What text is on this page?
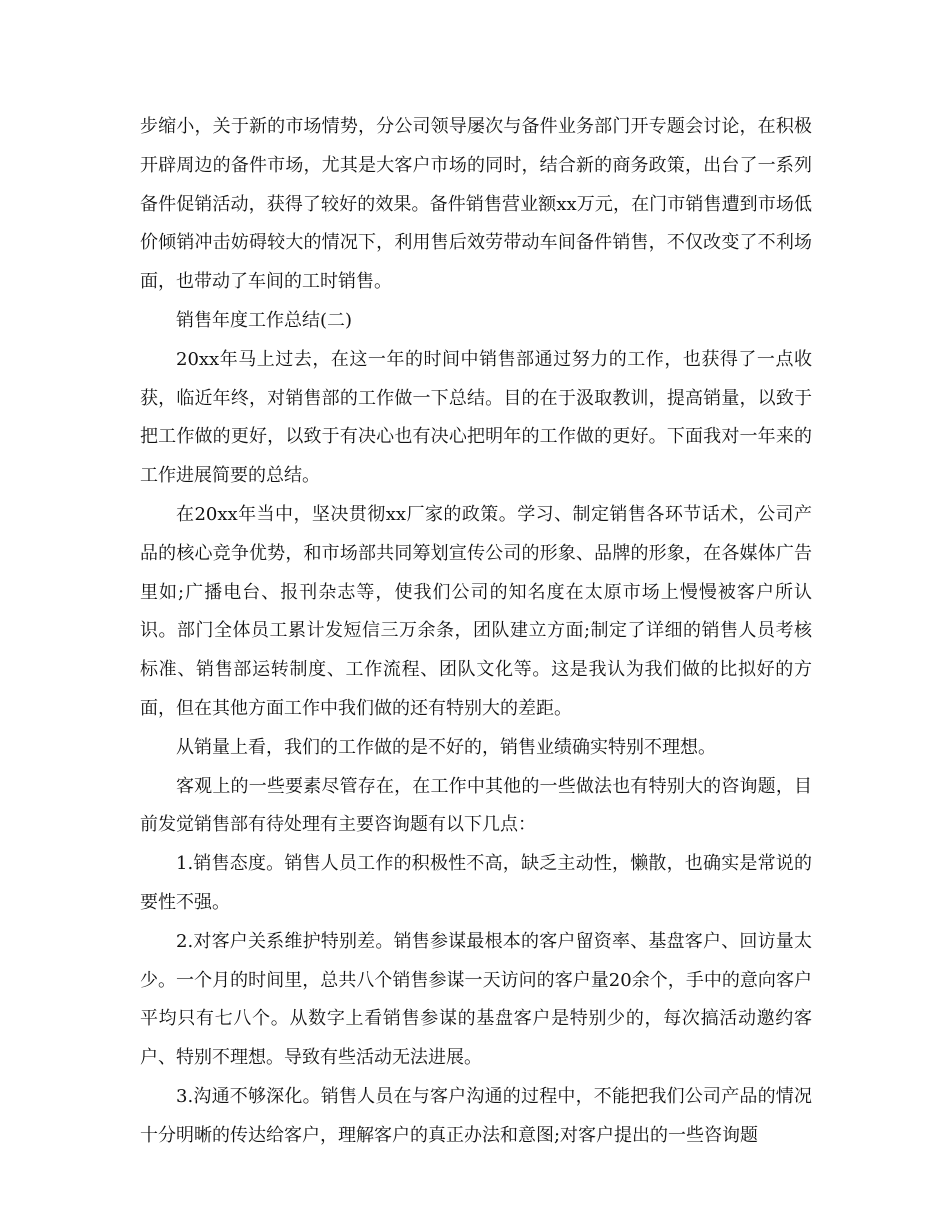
步缩小，关于新的市场情势，分公司领导屡次与备件业务部门开专题会讨论，在积极开辟周边的备件市场，尤其是大客户市场的同时，结合新的商务政策，出台了一系列备件促销活动，获得了较好的效果。备件销售营业额xx万元，在门市销售遭到市场低价倾销冲击妨碍较大的情况下，利用售后效劳带动车间备件销售，不仅改变了不利场面，也带动了车间的工时销售。

销售年度工作总结(二)

20xx年马上过去，在这一年的时间中销售部通过努力的工作，也获得了一点收获，临近年终，对销售部的工作做一下总结。目的在于汲取教训，提高销量，以致于把工作做的更好，以致于有决心也有决心把明年的工作做的更好。下面我对一年来的工作进展简要的总结。

在20xx年当中，坚决贯彻xx厂家的政策。学习、制定销售各环节话术，公司产品的核心竞争优势，和市场部共同筹划宣传公司的形象、品牌的形象，在各媒体广告里如;广播电台、报刊杂志等，使我们公司的知名度在太原市场上慢慢被客户所认识。部门全体员工累计发短信三万余条，团队建立方面;制定了详细的销售人员考核标准、销售部运转制度、工作流程、团队文化等。这是我认为我们做的比拟好的方面，但在其他方面工作中我们做的还有特别大的差距。

从销量上看，我们的工作做的是不好的，销售业绩确实特别不理想。

客观上的一些要素尽管存在，在工作中其他的一些做法也有特别大的咨询题，目前发觉销售部有待处理有主要咨询题有以下几点：

1.销售态度。销售人员工作的积极性不高，缺乏主动性，懒散，也确实是常说的要性不强。

2.对客户关系维护特别差。销售参谋最根本的客户留资率、基盘客户、回访量太少。一个月的时间里，总共八个销售参谋一天访问的客户量20余个，手中的意向客户平均只有七八个。从数字上看销售参谋的基盘客户是特别少的，每次搞活动邀约客户、特别不理想。导致有些活动无法进展。

3.沟通不够深化。销售人员在与客户沟通的过程中，不能把我们公司产品的情况十分明晰的传达给客户，理解客户的真正办法和意图;对客户提出的一些咨询题
